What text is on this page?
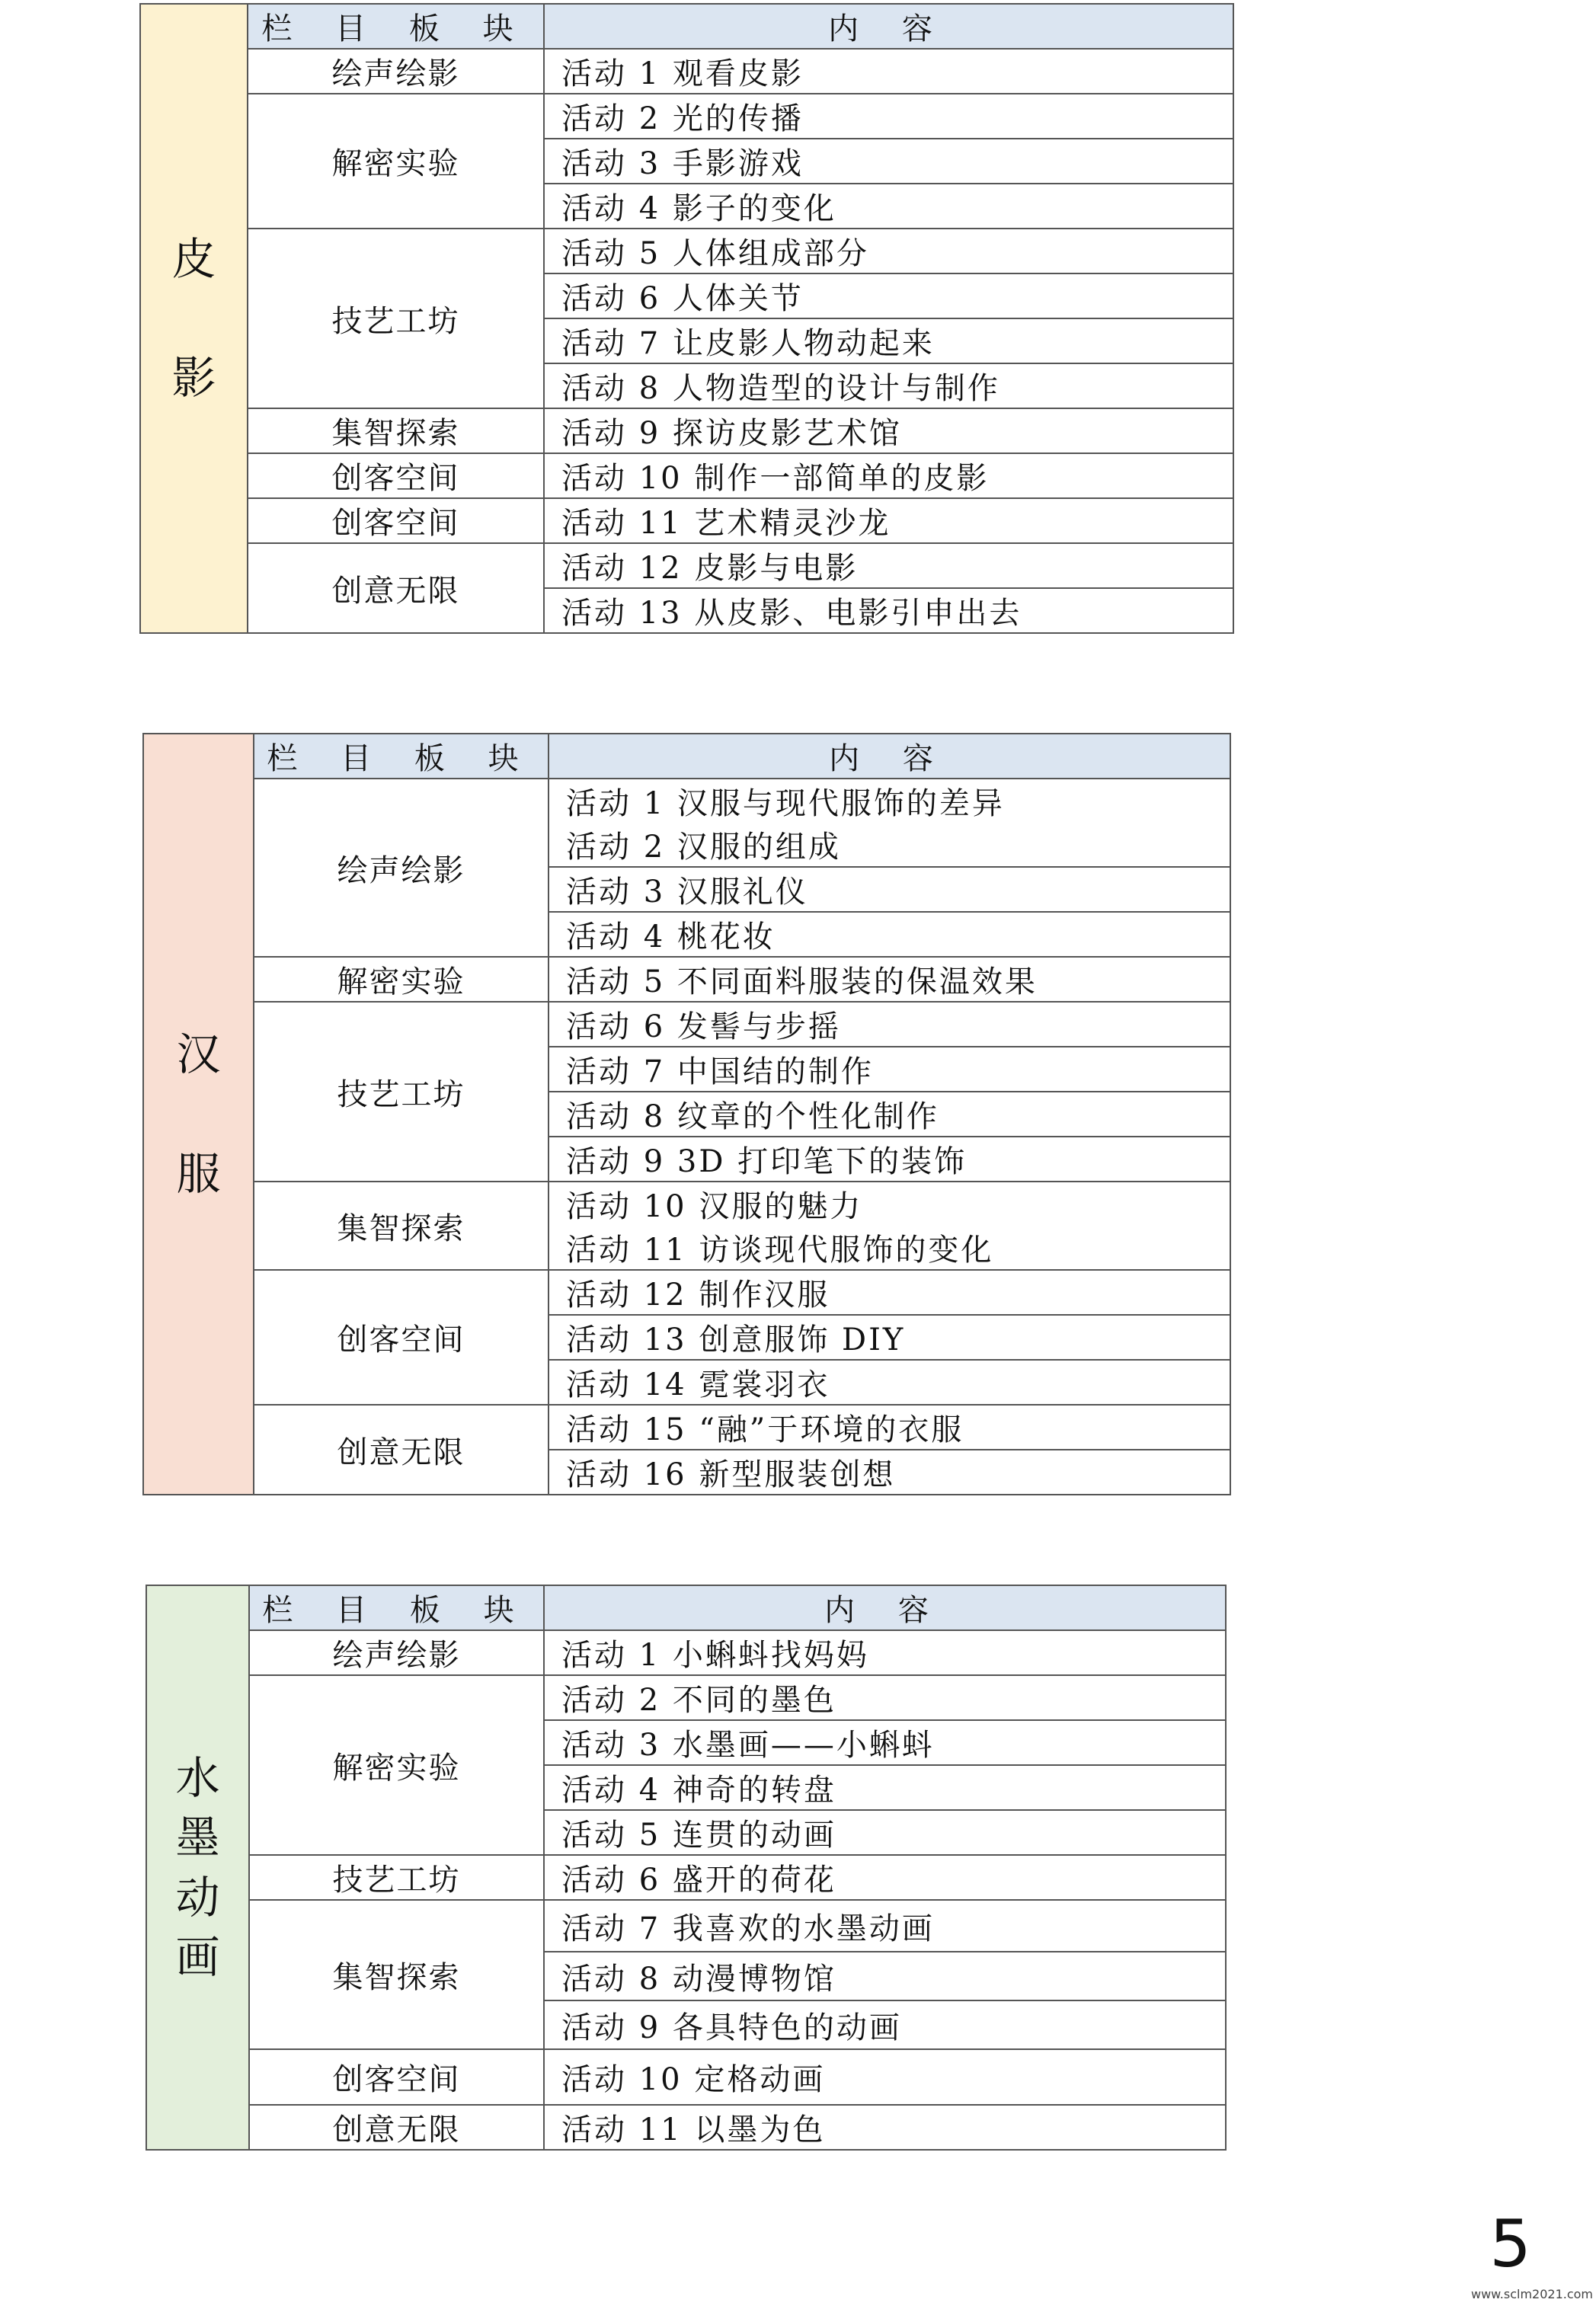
皮

影	栏 目 板 块	内 容
	绘声绘影	活动 1 观看皮影
	解密实验	活动 2 光的传播
		活动 3 手影游戏
		活动 4 影子的变化
	技艺工坊	活动 5 人体组成部分
		活动 6 人体关节
		活动 7 让皮影人物动起来
		活动 8 人物造型的设计与制作
	集智探索	活动 9 探访皮影艺术馆
	创客空间	活动 10 制作一部简单的皮影
	创客空间	活动 11 艺术精灵沙龙
	创意无限	活动 12 皮影与电影
		活动 13 从皮影、电影引申出去
汉

服	栏 目 板 块	内 容
	绘声绘影	活动 1 汉服与现代服饰的差异
		活动 2 汉服的组成
		活动 3 汉服礼仪
		活动 4 桃花妆
	解密实验	活动 5 不同面料服装的保温效果
	技艺工坊	活动 6 发髻与步摇
		活动 7 中国结的制作
		活动 8 纹章的个性化制作
		活动 9 3D 打印笔下的装饰
	集智探索	活动 10 汉服的魅力
		活动 11 访谈现代服饰的变化
	创客空间	活动 12 制作汉服
		活动 13 创意服饰 DIY
		活动 14 霓裳羽衣
	创意无限	活动 15 “融”于环境的衣服
		活动 16 新型服装创想
水
墨
动
画	栏 目 板 块	内 容
	绘声绘影	活动 1 小蝌蚪找妈妈
	解密实验	活动 2 不同的墨色
		活动 3 水墨画——小蝌蚪
		活动 4 神奇的转盘
		活动 5 连贯的动画
	技艺工坊	活动 6 盛开的荷花
	集智探索	活动 7 我喜欢的水墨动画
		活动 8 动漫博物馆
		活动 9 各具特色的动画
	创客空间	活动 10 定格动画
	创意无限	活动 11 以墨为色
5
www.sclm2021.com
